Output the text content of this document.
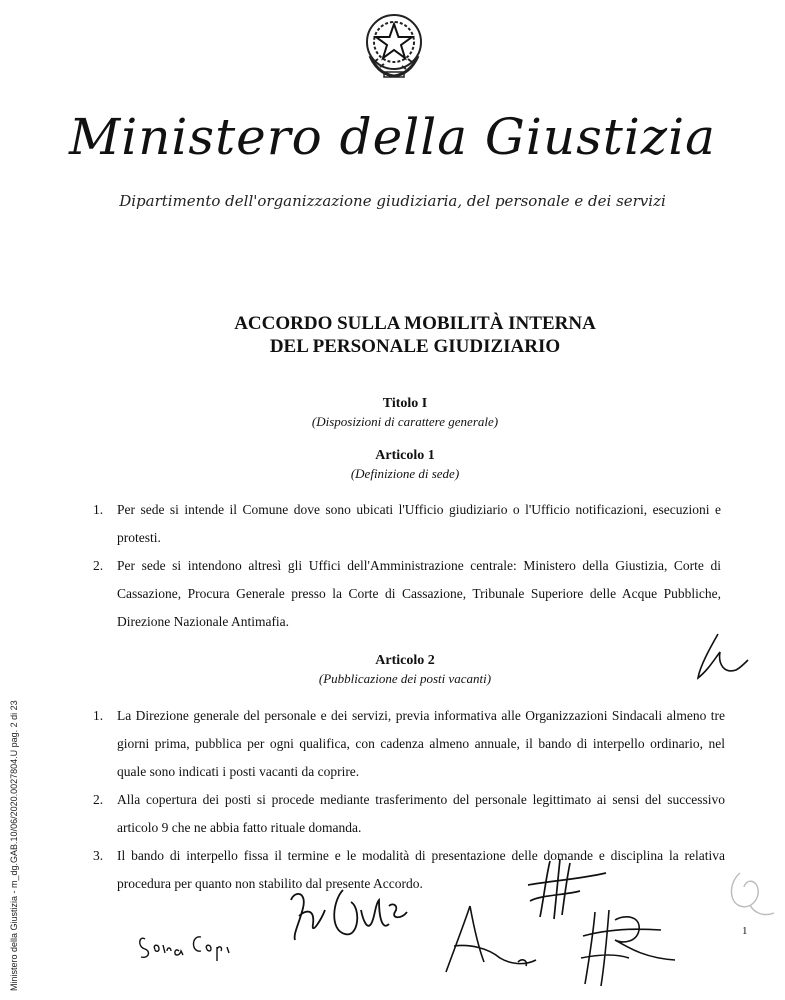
Ministero della Giustizia
Dipartimento dell'organizzazione giudiziaria, del personale e dei servizi
ACCORDO SULLA MOBILITÀ INTERNA
DEL PERSONALE GIUDIZIARIO
Titolo I
(Disposizioni di carattere generale)
Articolo 1
(Definizione di sede)
1. Per sede si intende il Comune dove sono ubicati l'Ufficio giudiziario o l'Ufficio notificazioni, esecuzioni e protesti.
2. Per sede si intendono altresì gli Uffici dell'Amministrazione centrale: Ministero della Giustizia, Corte di Cassazione, Procura Generale presso la Corte di Cassazione, Tribunale Superiore delle Acque Pubbliche, Direzione Nazionale Antimafia.
Articolo 2
(Pubblicazione dei posti vacanti)
1. La Direzione generale del personale e dei servizi, previa informativa alle Organizzazioni Sindacali almeno tre giorni prima, pubblica per ogni qualifica, con cadenza almeno annuale, il bando di interpello ordinario, nel quale sono indicati i posti vacanti da coprire.
2. Alla copertura dei posti si procede mediante trasferimento del personale legittimato ai sensi del successivo articolo 9 che ne abbia fatto rituale domanda.
3. Il bando di interpello fissa il termine e le modalità di presentazione delle domande e disciplina la relativa procedura per quanto non stabilito dal presente Accordo.
Ministero della Giustizia - m_dg.GAB.10/06/2020.0027804.U pag. 2 di 23	1
